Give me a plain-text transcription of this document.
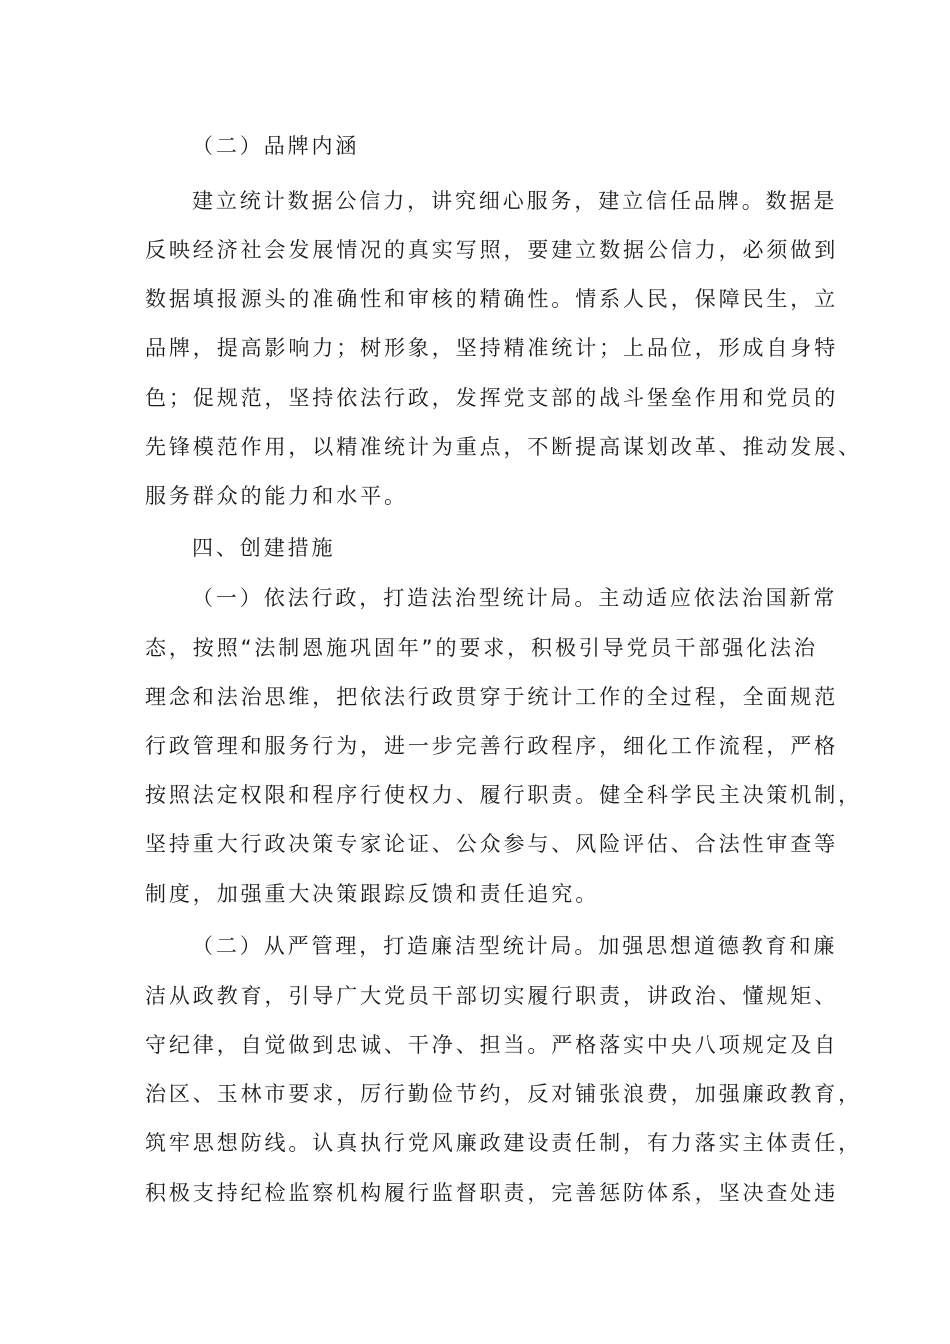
（二）品牌内涵
建立统计数据公信力，讲究细心服务，建立信任品牌。数据是
反映经济社会发展情况的真实写照，要建立数据公信力，必须做到
数据填报源头的准确性和审核的精确性。情系人民，保障民生，立
品牌，提高影响力；树形象，坚持精准统计；上品位，形成自身特
色；促规范，坚持依法行政，发挥党支部的战斗堡垒作用和党员的
先锋模范作用，以精准统计为重点，不断提高谋划改革、推动发展、
服务群众的能力和水平。
四、创建措施
（一）依法行政，打造法治型统计局。主动适应依法治国新常
态，按照“法制恩施巩固年”的要求，积极引导党员干部强化法治
理念和法治思维，把依法行政贯穿于统计工作的全过程，全面规范
行政管理和服务行为，进一步完善行政程序，细化工作流程，严格
按照法定权限和程序行使权力、履行职责。健全科学民主决策机制，
坚持重大行政决策专家论证、公众参与、风险评估、合法性审查等
制度，加强重大决策跟踪反馈和责任追究。
（二）从严管理，打造廉洁型统计局。加强思想道德教育和廉
洁从政教育，引导广大党员干部切实履行职责，讲政治、懂规矩、
守纪律，自觉做到忠诚、干净、担当。严格落实中央八项规定及自
治区、玉林市要求，厉行勤俭节约，反对铺张浪费，加强廉政教育，
筑牢思想防线。认真执行党风廉政建设责任制，有力落实主体责任，
积极支持纪检监察机构履行监督职责，完善惩防体系，坚决查处违
